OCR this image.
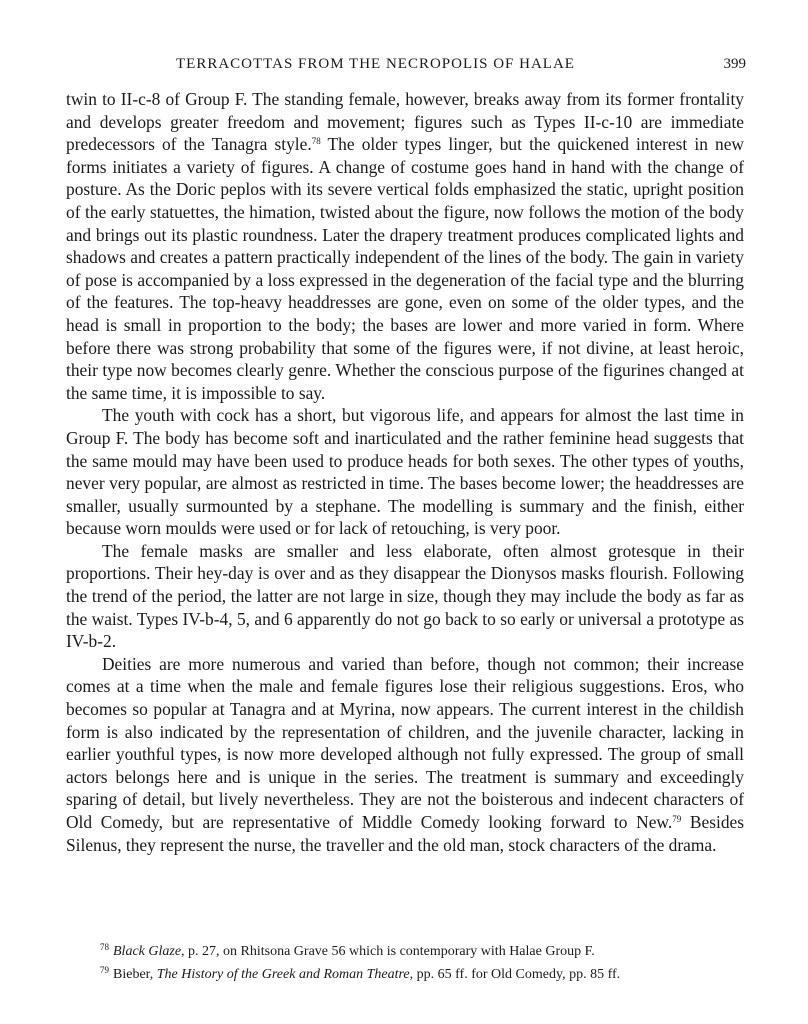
TERRACOTTAS FROM THE NECROPOLIS OF HALAE	399

twin to II-c-8 of Group F. The standing female, however, breaks away from its former frontality and develops greater freedom and movement; figures such as Types II-c-10 are immediate predecessors of the Tanagra style.$^{78}$ The older types linger, but the quickened interest in new forms initiates a variety of figures. A change of costume goes hand in hand with the change of posture. As the Doric peplos with its severe vertical folds emphasized the static, upright position of the early statuettes, the himation, twisted about the figure, now follows the motion of the body and brings out its plastic roundness. Later the drapery treatment produces complicated lights and shadows and creates a pattern practically independent of the lines of the body. The gain in variety of pose is accompanied by a loss expressed in the degeneration of the facial type and the blurring of the features. The top-heavy headdresses are gone, even on some of the older types, and the head is small in proportion to the body; the bases are lower and more varied in form. Where before there was strong probability that some of the figures were, if not divine, at least heroic, their type now becomes clearly genre. Whether the conscious purpose of the figurines changed at the same time, it is impossible to say.

The youth with cock has a short, but vigorous life, and appears for almost the last time in Group F. The body has become soft and inarticulated and the rather feminine head suggests that the same mould may have been used to produce heads for both sexes. The other types of youths, never very popular, are almost as restricted in time. The bases become lower; the headdresses are smaller, usually surmounted by a stephane. The modelling is summary and the finish, either because worn moulds were used or for lack of retouching, is very poor.

The female masks are smaller and less elaborate, often almost grotesque in their proportions. Their hey-day is over and as they disappear the Dionysos masks flourish. Following the trend of the period, the latter are not large in size, though they may include the body as far as the waist. Types IV-b-4, 5, and 6 apparently do not go back to so early or universal a prototype as IV-b-2.

Deities are more numerous and varied than before, though not common; their increase comes at a time when the male and female figures lose their religious suggestions. Eros, who becomes so popular at Tanagra and at Myrina, now appears. The current interest in the childish form is also indicated by the representation of children, and the juvenile character, lacking in earlier youthful types, is now more developed although not fully expressed. The group of small actors belongs here and is unique in the series. The treatment is summary and exceedingly sparing of detail, but lively nevertheless. They are not the boisterous and indecent characters of Old Comedy, but are representative of Middle Comedy looking forward to New.$^{79}$ Besides Silenus, they represent the nurse, the traveller and the old man, stock characters of the drama.

$^{78}$ Black Glaze, p. 27, on Rhitsona Grave 56 which is contemporary with Halae Group F.

$^{79}$ Bieber, The History of the Greek and Roman Theatre, pp. 65 ff. for Old Comedy, pp. 85 ff.
